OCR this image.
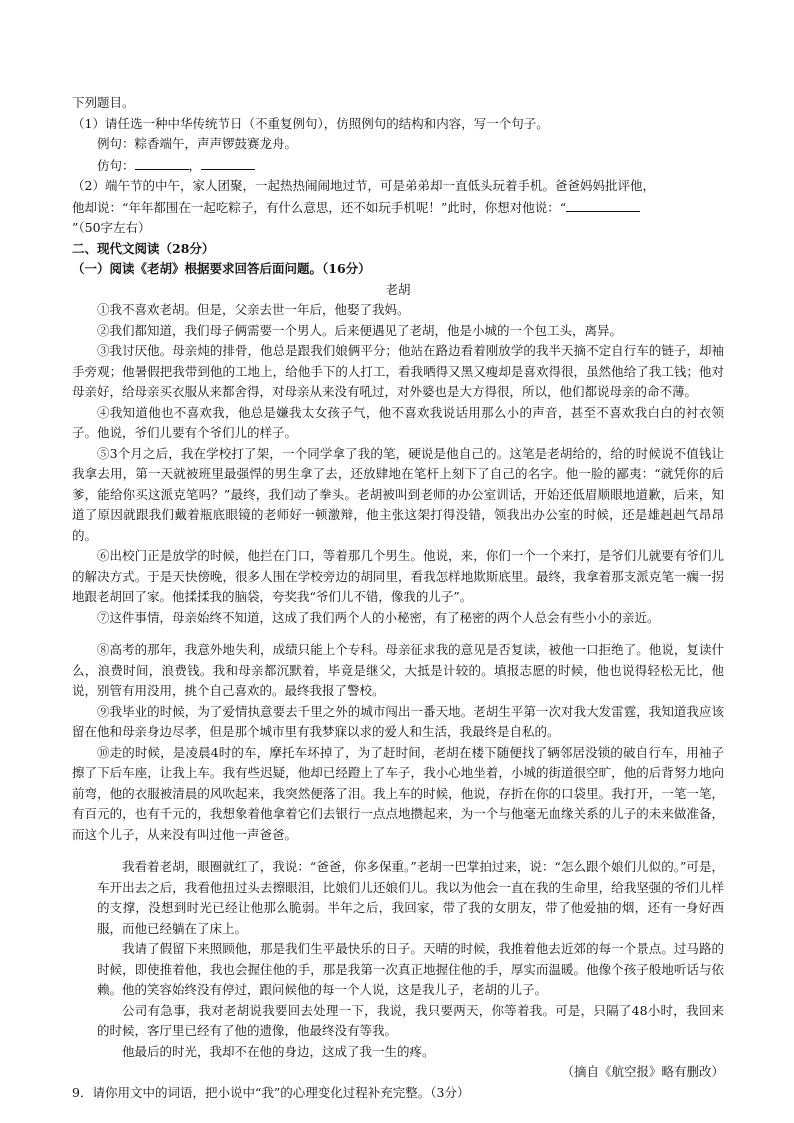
下列题目。

（1）请任选一种中华传统节日（不重复例句），仿照例句的结构和内容，写一个句子。

例句：粽香端午，声声锣鼓赛龙舟。

仿句：	，

（2）端午节的中午，家人团聚，一起热热闹闹地过节，可是弟弟却一直低头玩着手机。爸爸妈妈批评他，

他却说：“年年都围在一起吃粽子，有什么意思，还不如玩手机呢！”此时，你想对他说：“

”（50字左右）

二、现代文阅读（28分）

（一）阅读《老胡》根据要求回答后面问题。（16分）

老胡

①我不喜欢老胡。但是，父亲去世一年后，他娶了我妈。

②我们都知道，我们母子俩需要一个男人。后来便遇见了老胡，他是小城的一个包工头，离异。

③我讨厌他。母亲炖的排骨，他总是跟我们娘俩平分；他站在路边看着刚放学的我半天摘不定自行车的链子，却袖手旁观；他暑假把我带到他的工地上，给他手下的人打工，看我晒得又黑又瘦却是喜欢得很，虽然他给了我工钱；他对母亲好，给母亲买衣服从来都舍得，对母亲从来没有吼过，对外婆也是大方得很，所以，他们都说母亲的命不薄。

④我知道他也不喜欢我，他总是嫌我太女孩子气，他不喜欢我说话用那么小的声音，甚至不喜欢我白白的衬衣领子。他说，爷们儿要有个爷们儿的样子。

⑤3个月之后，我在学校打了架，一个同学拿了我的笔，硬说是他自己的。这笔是老胡给的，给的时候说不值钱让我拿去用，第一天就被班里最强悍的男生拿了去，还放肆地在笔杆上刻下了自己的名字。他一脸的鄙夷：“就凭你的后爹，能给你买这派克笔吗？”最终，我们动了拳头。老胡被叫到老师的办公室训话，开始还低眉顺眼地道歉，后来，知道了原因就跟我们戴着瓶底眼镜的老师好一顿激辩，他主张这架打得没错，领我出办公室的时候，还是雄赳赳气昂昂的。

⑥出校门正是放学的时候，他拦在门口，等着那几个男生。他说，来，你们一个一个来打，是爷们儿就要有爷们儿的解决方式。于是天快傍晚，很多人围在学校旁边的胡同里，看我怎样地欺斯底里。最终，我拿着那支派克笔一瘸一拐地跟老胡回了家。他揉揉我的脑袋，夸奖我“爷们儿不错，像我的儿子”。

⑦这件事情，母亲始终不知道，这成了我们两个人的小秘密，有了秘密的两个人总会有些小小的亲近。

⑧高考的那年，我意外地失利，成绩只能上个专科。母亲征求我的意见是否复读，被他一口拒绝了。他说，复读什么，浪费时间，浪费钱。我和母亲都沉默着，毕竟是继父，大抵是计较的。填报志愿的时候，他也说得轻松无比，他说，别管有用没用，挑个自己喜欢的。最终我报了警校。

⑨我毕业的时候，为了爱情执意要去千里之外的城市闯出一番天地。老胡生平第一次对我大发雷霆，我知道我应该留在他和母亲身边尽孝，但是那个城市里有我梦寐以求的爱人和生活，我最终是自私的。

⑩走的时候，是凌晨4时的车，摩托车坏掉了，为了赶时间，老胡在楼下随便找了辆邻居没锁的破自行车，用袖子擦了下后车座，让我上车。我有些迟疑，他却已经蹬上了车子，我小心地坐着，小城的街道很空旷，他的后背努力地向前弯，他的衣服被清晨的风吹起来，我突然便落了泪。我上车的时候，他说，存折在你的口袋里。我打开，一笔一笔，有百元的，也有千元的，我想象着他拿着它们去银行一点点地攒起来，为一个与他毫无血缘关系的儿子的未来做准备，而这个儿子，从来没有叫过他一声爸爸。

我看着老胡，眼圈就红了，我说：“爸爸，你多保重。”老胡一巴掌拍过来，说：“怎么跟个娘们儿似的。”可是，车开出去之后，我看他扭过头去擦眼泪，比娘们儿还娘们儿。我以为他会一直在我的生命里，给我坚强的爷们儿样的支撑，没想到时光已经让他那么脆弱。半年之后，我回家，带了我的女朋友，带了他爱抽的烟，还有一身好西服，而他已经躺在了床上。

我请了假留下来照顾他，那是我们生平最快乐的日子。天晴的时候，我推着他去近郊的每一个景点。过马路的时候，即使推着他，我也会握住他的手，那是我第一次真正地握住他的手，厚实而温暖。他像个孩子般地听话与依赖。他的笑容始终没有停过，跟问候他的每一个人说，这是我儿子，老胡的儿子。

公司有急事，我对老胡说我要回去处理一下，我说，我只要两天，你等着我。可是，只隔了48小时，我回来的时候，客厅里已经有了他的遗像，他最终没有等我。

他最后的时光，我却不在他的身边，这成了我一生的疼。

（摘自《航空报》略有删改）

9．请你用文中的词语，把小说中“我”的心理变化过程补充完整。（3分）
